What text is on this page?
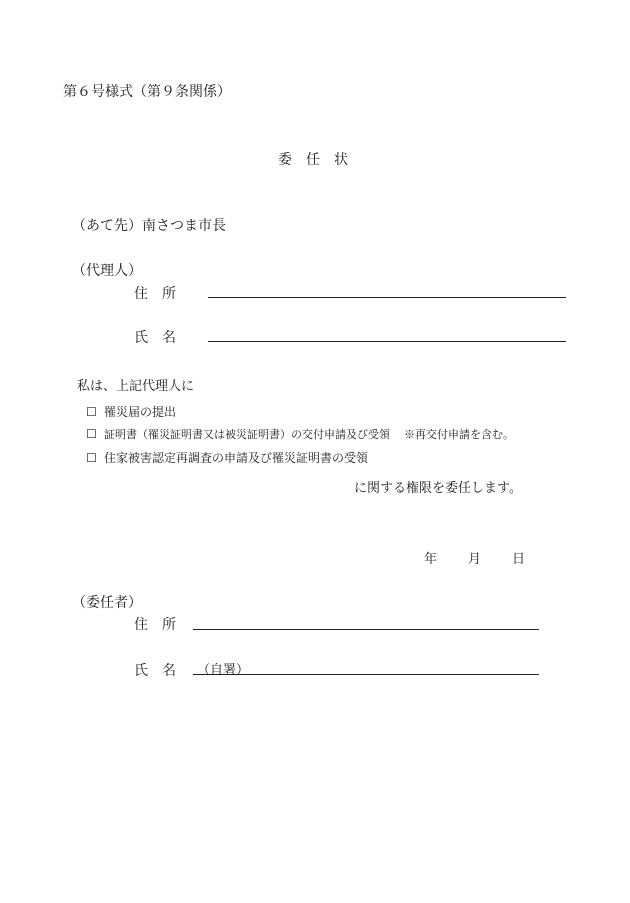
第６号様式（第９条関係）
委　任　状
（あて先）南さつま市長
（代理人）
住　所
氏　名
私は、上記代理人に
☐ 罹災届の提出
☐ 証明書（罹災証明書又は被災証明書）の交付申請及び受領 ※再交付申請を含む。
☐ 住家被害認定再調査の申請及び罹災証明書の受領
に関する権限を委任します。
年 月 日
（委任者）
住　所
氏　名 （自署）
